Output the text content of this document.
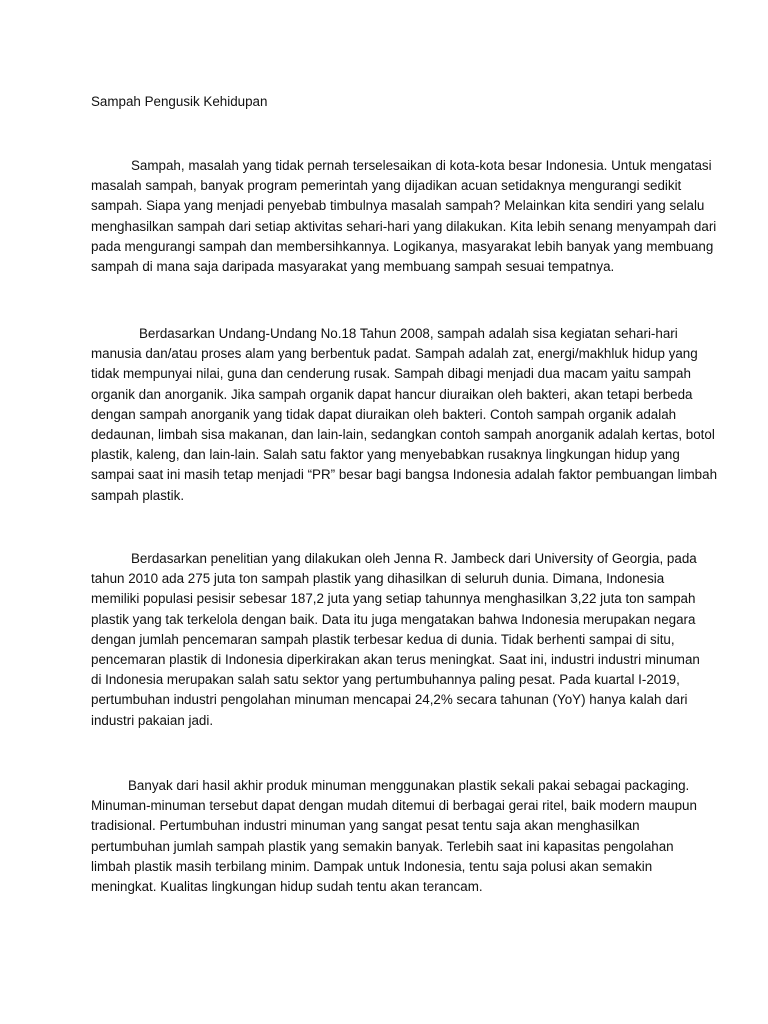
Sampah Pengusik Kehidupan

Sampah, masalah yang tidak pernah terselesaikan di kota-kota besar Indonesia. Untuk mengatasi
masalah sampah, banyak program pemerintah yang dijadikan acuan setidaknya mengurangi sedikit
sampah. Siapa yang menjadi penyebab timbulnya masalah sampah? Melainkan kita sendiri yang selalu
menghasilkan sampah dari setiap aktivitas sehari-hari yang dilakukan. Kita lebih senang menyampah dari
pada mengurangi sampah dan membersihkannya. Logikanya, masyarakat lebih banyak yang membuang
sampah di mana saja daripada masyarakat yang membuang sampah sesuai tempatnya.

Berdasarkan Undang-Undang No.18 Tahun 2008, sampah adalah sisa kegiatan sehari-hari
manusia dan/atau proses alam yang berbentuk padat. Sampah adalah zat, energi/makhluk hidup yang
tidak mempunyai nilai, guna dan cenderung rusak. Sampah dibagi menjadi dua macam yaitu sampah
organik dan anorganik. Jika sampah organik dapat hancur diuraikan oleh bakteri, akan tetapi berbeda
dengan sampah anorganik yang tidak dapat diuraikan oleh bakteri. Contoh sampah organik adalah
dedaunan, limbah sisa makanan, dan lain-lain, sedangkan contoh sampah anorganik adalah kertas, botol
plastik, kaleng, dan lain-lain. Salah satu faktor yang menyebabkan rusaknya lingkungan hidup yang
sampai saat ini masih tetap menjadi “PR” besar bagi bangsa Indonesia adalah faktor pembuangan limbah
sampah plastik.

Berdasarkan penelitian yang dilakukan oleh Jenna R. Jambeck dari University of Georgia, pada
tahun 2010 ada 275 juta ton sampah plastik yang dihasilkan di seluruh dunia. Dimana, Indonesia
memiliki populasi pesisir sebesar 187,2 juta yang setiap tahunnya menghasilkan 3,22 juta ton sampah
plastik yang tak terkelola dengan baik. Data itu juga mengatakan bahwa Indonesia merupakan negara
dengan jumlah pencemaran sampah plastik terbesar kedua di dunia. Tidak berhenti sampai di situ,
pencemaran plastik di Indonesia diperkirakan akan terus meningkat. Saat ini, industri industri minuman
di Indonesia merupakan salah satu sektor yang pertumbuhannya paling pesat. Pada kuartal I-2019,
pertumbuhan industri pengolahan minuman mencapai 24,2% secara tahunan (YoY) hanya kalah dari
industri pakaian jadi.

Banyak dari hasil akhir produk minuman menggunakan plastik sekali pakai sebagai packaging.
Minuman-minuman tersebut dapat dengan mudah ditemui di berbagai gerai ritel, baik modern maupun
tradisional. Pertumbuhan industri minuman yang sangat pesat tentu saja akan menghasilkan
pertumbuhan jumlah sampah plastik yang semakin banyak. Terlebih saat ini kapasitas pengolahan
limbah plastik masih terbilang minim. Dampak untuk Indonesia, tentu saja polusi akan semakin
meningkat. Kualitas lingkungan hidup sudah tentu akan terancam.
